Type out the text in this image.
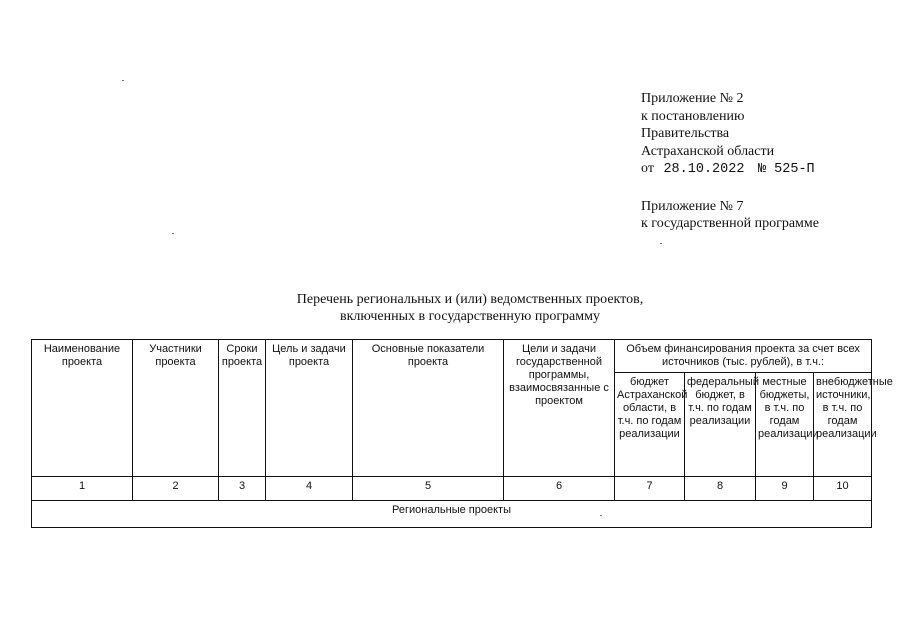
Приложение № 2
к постановлению
Правительства
Астраханской области
от 28.10.2022 № 525-П
Приложение № 7
к государственной программе
Перечень региональных и (или) ведомственных проектов,
включенных в государственную программу
Наименование проекта	Участники проекта	Сроки проекта	Цель и задачи проекта	Основные показатели проекта	Цели и задачи государственной программы, взаимосвязанные с проектом	Объем финансирования проекта за счет всех источников (тыс. рублей), в т.ч.:			
						бюджет Астраханской области, в т.ч. по годам реализации	федеральный бюджет, в т.ч. по годам реализации	местные бюджеты, в т.ч. по годам реализации	внебюджетные источники, в т.ч. по годам реализации
1	2	3	4	5	6	7	8	9	10
Региональные проекты									
